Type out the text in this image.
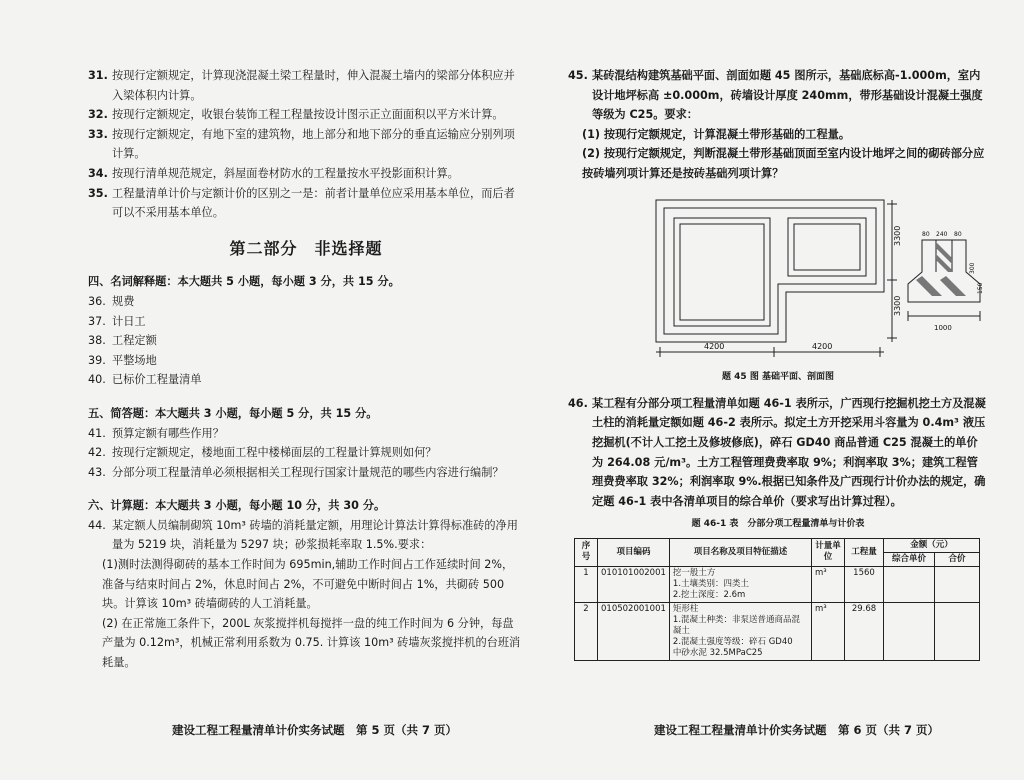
31. 按现行定额规定，计算现浇混凝土梁工程量时，伸入混凝土墙内的梁部分体积应并入梁体积内计算。
32. 按现行定额规定，收银台装饰工程工程量按设计图示正立面面积以平方米计算。
33. 按现行定额规定，有地下室的建筑物，地上部分和地下部分的垂直运输应分别列项计算。
34. 按现行清单规范规定，斜屋面卷材防水的工程量按水平投影面积计算。
35. 工程量清单计价与定额计价的区别之一是：前者计量单位应采用基本单位，而后者可以不采用基本单位。
第二部分　非选择题
四、名词解释题：本大题共 5 小题，每小题 3 分，共 15 分。
36. 规费
37. 计日工
38. 工程定额
39. 平整场地
40. 已标价工程量清单
五、简答题：本大题共 3 小题，每小题 5 分，共 15 分。
41. 预算定额有哪些作用？
42. 按现行定额规定，楼地面工程中楼梯面层的工程量计算规则如何？
43. 分部分项工程量清单必须根据相关工程现行国家计量规范的哪些内容进行编制？
六、计算题：本大题共 3 小题，每小题 10 分，共 30 分。
44. 某定额人员编制砌筑 10m³ 砖墙的消耗量定额，用理论计算法计算得标准砖的净用量为 5219 块，消耗量为 5297 块；砂浆损耗率取 1.5%.要求：
(1)测时法测得砌砖的基本工作时间为 695min,辅助工作时间占工作延续时间 2%，准备与结束时间占 2%，休息时间占 2%，不可避免中断时间占 1%，共砌砖 500 块。计算该 10m³ 砖墙砌砖的人工消耗量。
(2) 在正常施工条件下，200L 灰浆搅拌机每搅拌一盘的纯工作时间为 6 分钟，每盘产量为 0.12m³，机械正常利用系数为 0.75. 计算该 10m³ 砖墙灰浆搅拌机的台班消耗量。
建设工程工程量清单计价实务试题　第 5 页（共 7 页）
45. 某砖混结构建筑基础平面、剖面如题 45 图所示，基础底标高-1.000m，室内设计地坪标高 ±0.000m，砖墙设计厚度 240mm，带形基础设计混凝土强度等级为 C25。要求：
(1) 按现行定额规定，计算混凝土带形基础的工程量。
(2) 按现行定额规定，判断混凝土带形基础顶面至室内设计地坪之间的砌砖部分应按砖墙列项计算还是按砖基础列项计算？
3300
3300
4200	4200
80 240 80
300
150
1000
题 45 图 基础平面、剖面图
46. 某工程有分部分项工程量清单如题 46-1 表所示，广西现行挖掘机挖土方及混凝土柱的消耗量定额如题 46-2 表所示。拟定土方开挖采用斗容量为 0.4m³ 液压挖掘机(不计人工挖土及修坡修底)，碎石 GD40 商品普通 C25 混凝土的单价为 264.08 元/m³。土方工程管理费费率取 9%；利润率取 3%；建筑工程管理费费率取 32%；利润率取 9%.根据已知条件及广西现行计价办法的规定，确定题 46-1 表中各清单项目的综合单价（要求写出计算过程）。
题 46-1 表　分部分项工程量清单与计价表
序号	项目编码	项目名称及项目特征描述	计量单位	工程量	金额（元）	
					综合单价	合价
1	010101002001	挖一般土方
1.土壤类别：四类土
2.挖土深度：2.6m	m³	1560		
2	010502001001	矩形柱
1.混凝土种类：非泵送普通商品混凝土
2.混凝土强度等级：碎石 GD40
中砂水泥 32.5MPaC25	m³	29.68		
建设工程工程量清单计价实务试题　第 6 页（共 7 页）
